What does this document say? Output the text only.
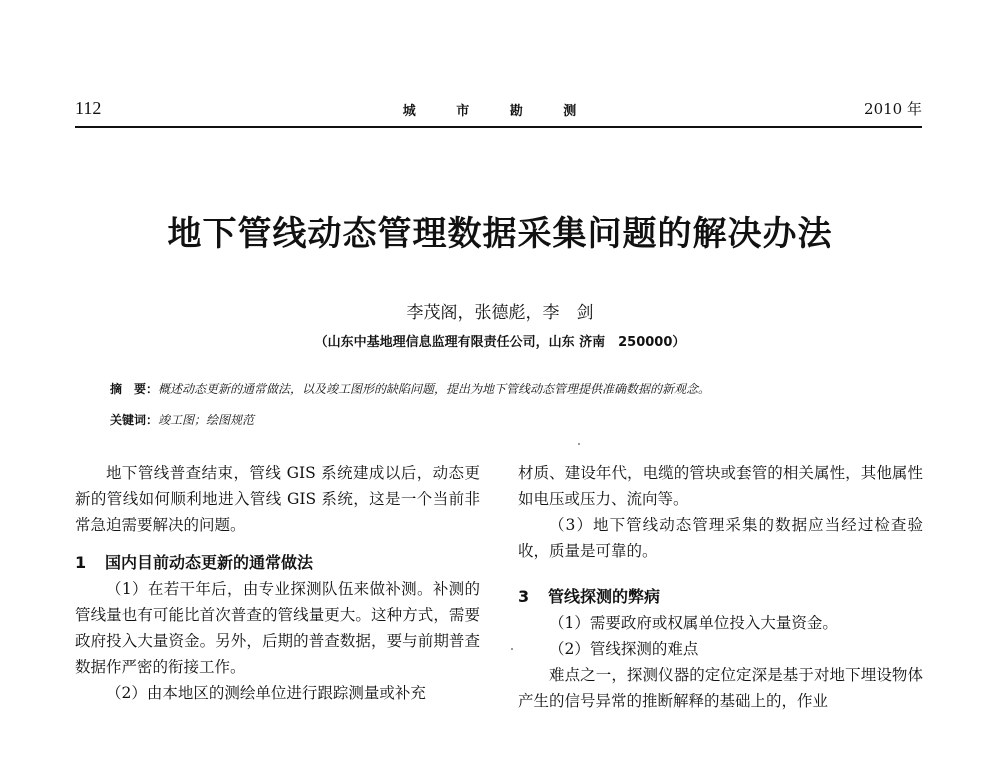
112	城 市 勘 测	2010 年
地下管线动态管理数据采集问题的解决办法
李茂阁，张德彪，李　剑
（山东中基地理信息监理有限责任公司，山东 济南　250000）
摘　要：概述动态更新的通常做法，以及竣工图形的缺陷问题，提出为地下管线动态管理提供准确数据的新观念。
关键词：竣工图；绘图规范

地下管线普查结束，管线 GIS 系统建成以后，动态更新的管线如何顺利地进入管线 GIS 系统，这是一个当前非常急迫需要解决的问题。

1 国内目前动态更新的通常做法

（1）在若干年后，由专业探测队伍来做补测。补测的管线量也有可能比首次普查的管线量更大。这种方式，需要政府投入大量资金。另外，后期的普查数据，要与前期普查数据作严密的衔接工作。

（2）由本地区的测绘单位进行跟踪测量或补充

材质、建设年代，电缆的管块或套管的相关属性，其他属性如电压或压力、流向等。

（3）地下管线动态管理采集的数据应当经过检查验收，质量是可靠的。

3 管线探测的弊病

（1）需要政府或权属单位投入大量资金。

（2）管线探测的难点

难点之一，探测仪器的定位定深是基于对地下埋设物体产生的信号异常的推断解释的基础上的，作业
